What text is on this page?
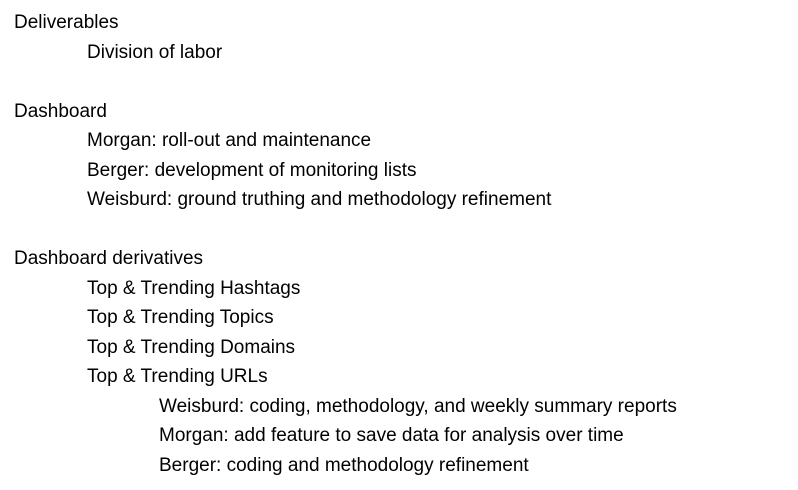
Deliverables
Division of labor
Dashboard
Morgan: roll-out and maintenance
Berger: development of monitoring lists
Weisburd: ground truthing and methodology refinement
Dashboard derivatives
Top & Trending Hashtags
Top & Trending Topics
Top & Trending Domains
Top & Trending URLs
Weisburd: coding, methodology, and weekly summary reports
Morgan: add feature to save data for analysis over time
Berger: coding and methodology refinement
